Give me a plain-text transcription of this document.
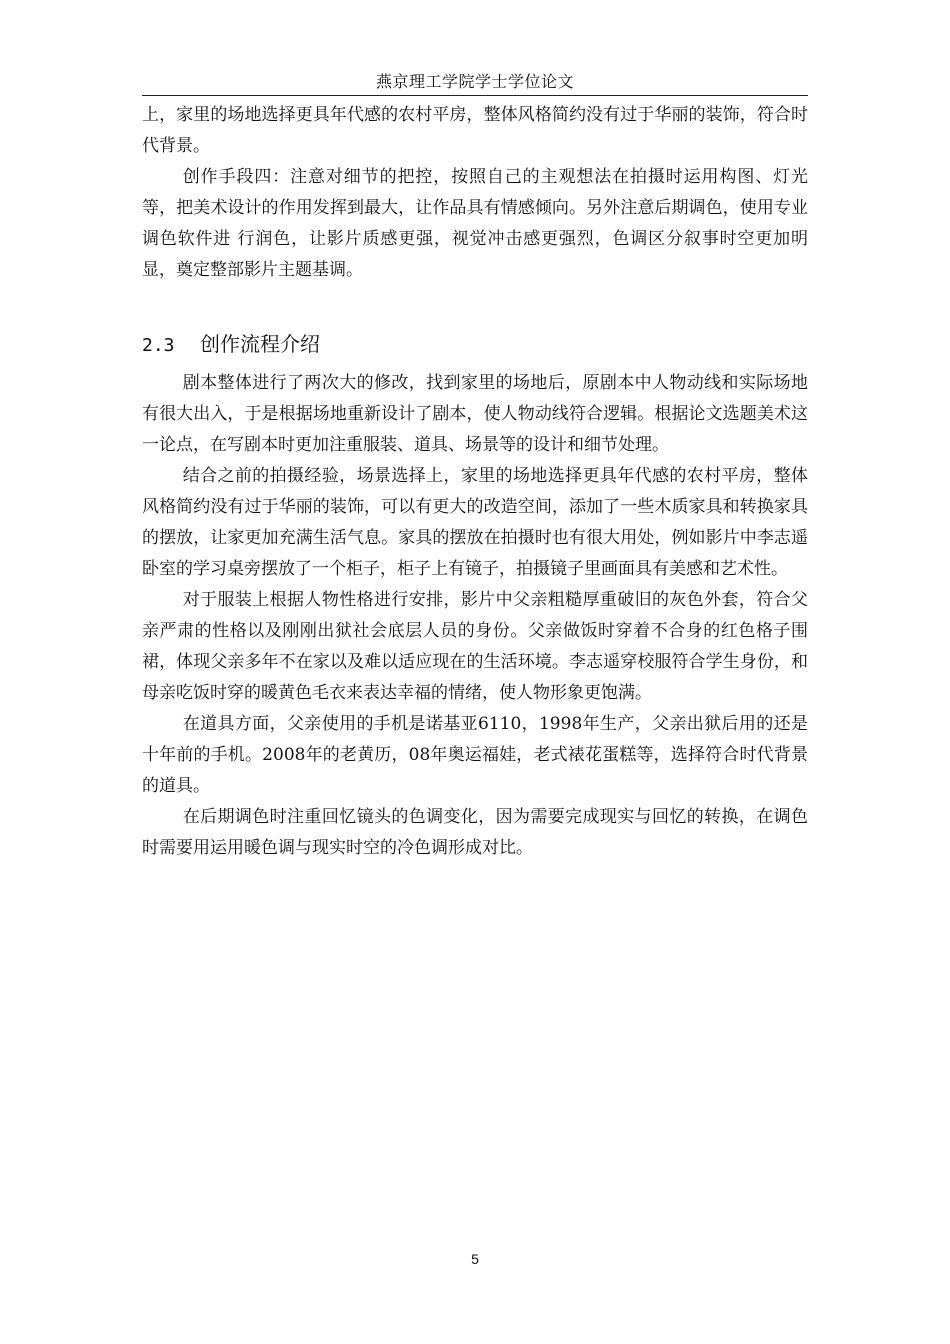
燕京理工学院学士学位论文

上，家里的场地选择更具年代感的农村平房，整体风格简约没有过于华丽的装饰，符合时代背景。

创作手段四：注意对细节的把控，按照自己的主观想法在拍摄时运用构图、灯光等，把美术设计的作用发挥到最大，让作品具有情感倾向。另外注意后期调色，使用专业调色软件进 行润色，让影片质感更强，视觉冲击感更强烈，色调区分叙事时空更加明显，奠定整部影片主题基调。

2.3 创作流程介绍

剧本整体进行了两次大的修改，找到家里的场地后，原剧本中人物动线和实际场地有很大出入，于是根据场地重新设计了剧本，使人物动线符合逻辑。根据论文选题美术这一论点，在写剧本时更加注重服装、道具、场景等的设计和细节处理。

结合之前的拍摄经验，场景选择上，家里的场地选择更具年代感的农村平房，整体风格简约没有过于华丽的装饰，可以有更大的改造空间，添加了一些木质家具和转换家具的摆放，让家更加充满生活气息。家具的摆放在拍摄时也有很大用处，例如影片中李志遥卧室的学习桌旁摆放了一个柜子，柜子上有镜子，拍摄镜子里画面具有美感和艺术性。

对于服装上根据人物性格进行安排，影片中父亲粗糙厚重破旧的灰色外套，符合父亲严肃的性格以及刚刚出狱社会底层人员的身份。父亲做饭时穿着不合身的红色格子围裙，体现父亲多年不在家以及难以适应现在的生活环境。李志遥穿校服符合学生身份，和母亲吃饭时穿的暖黄色毛衣来表达幸福的情绪，使人物形象更饱满。

在道具方面，父亲使用的手机是诺基亚6110，1998年生产，父亲出狱后用的还是十年前的手机。2008年的老黄历，08年奥运福娃，老式裱花蛋糕等，选择符合时代背景的道具。

在后期调色时注重回忆镜头的色调变化，因为需要完成现实与回忆的转换，在调色时需要用运用暖色调与现实时空的冷色调形成对比。

5
